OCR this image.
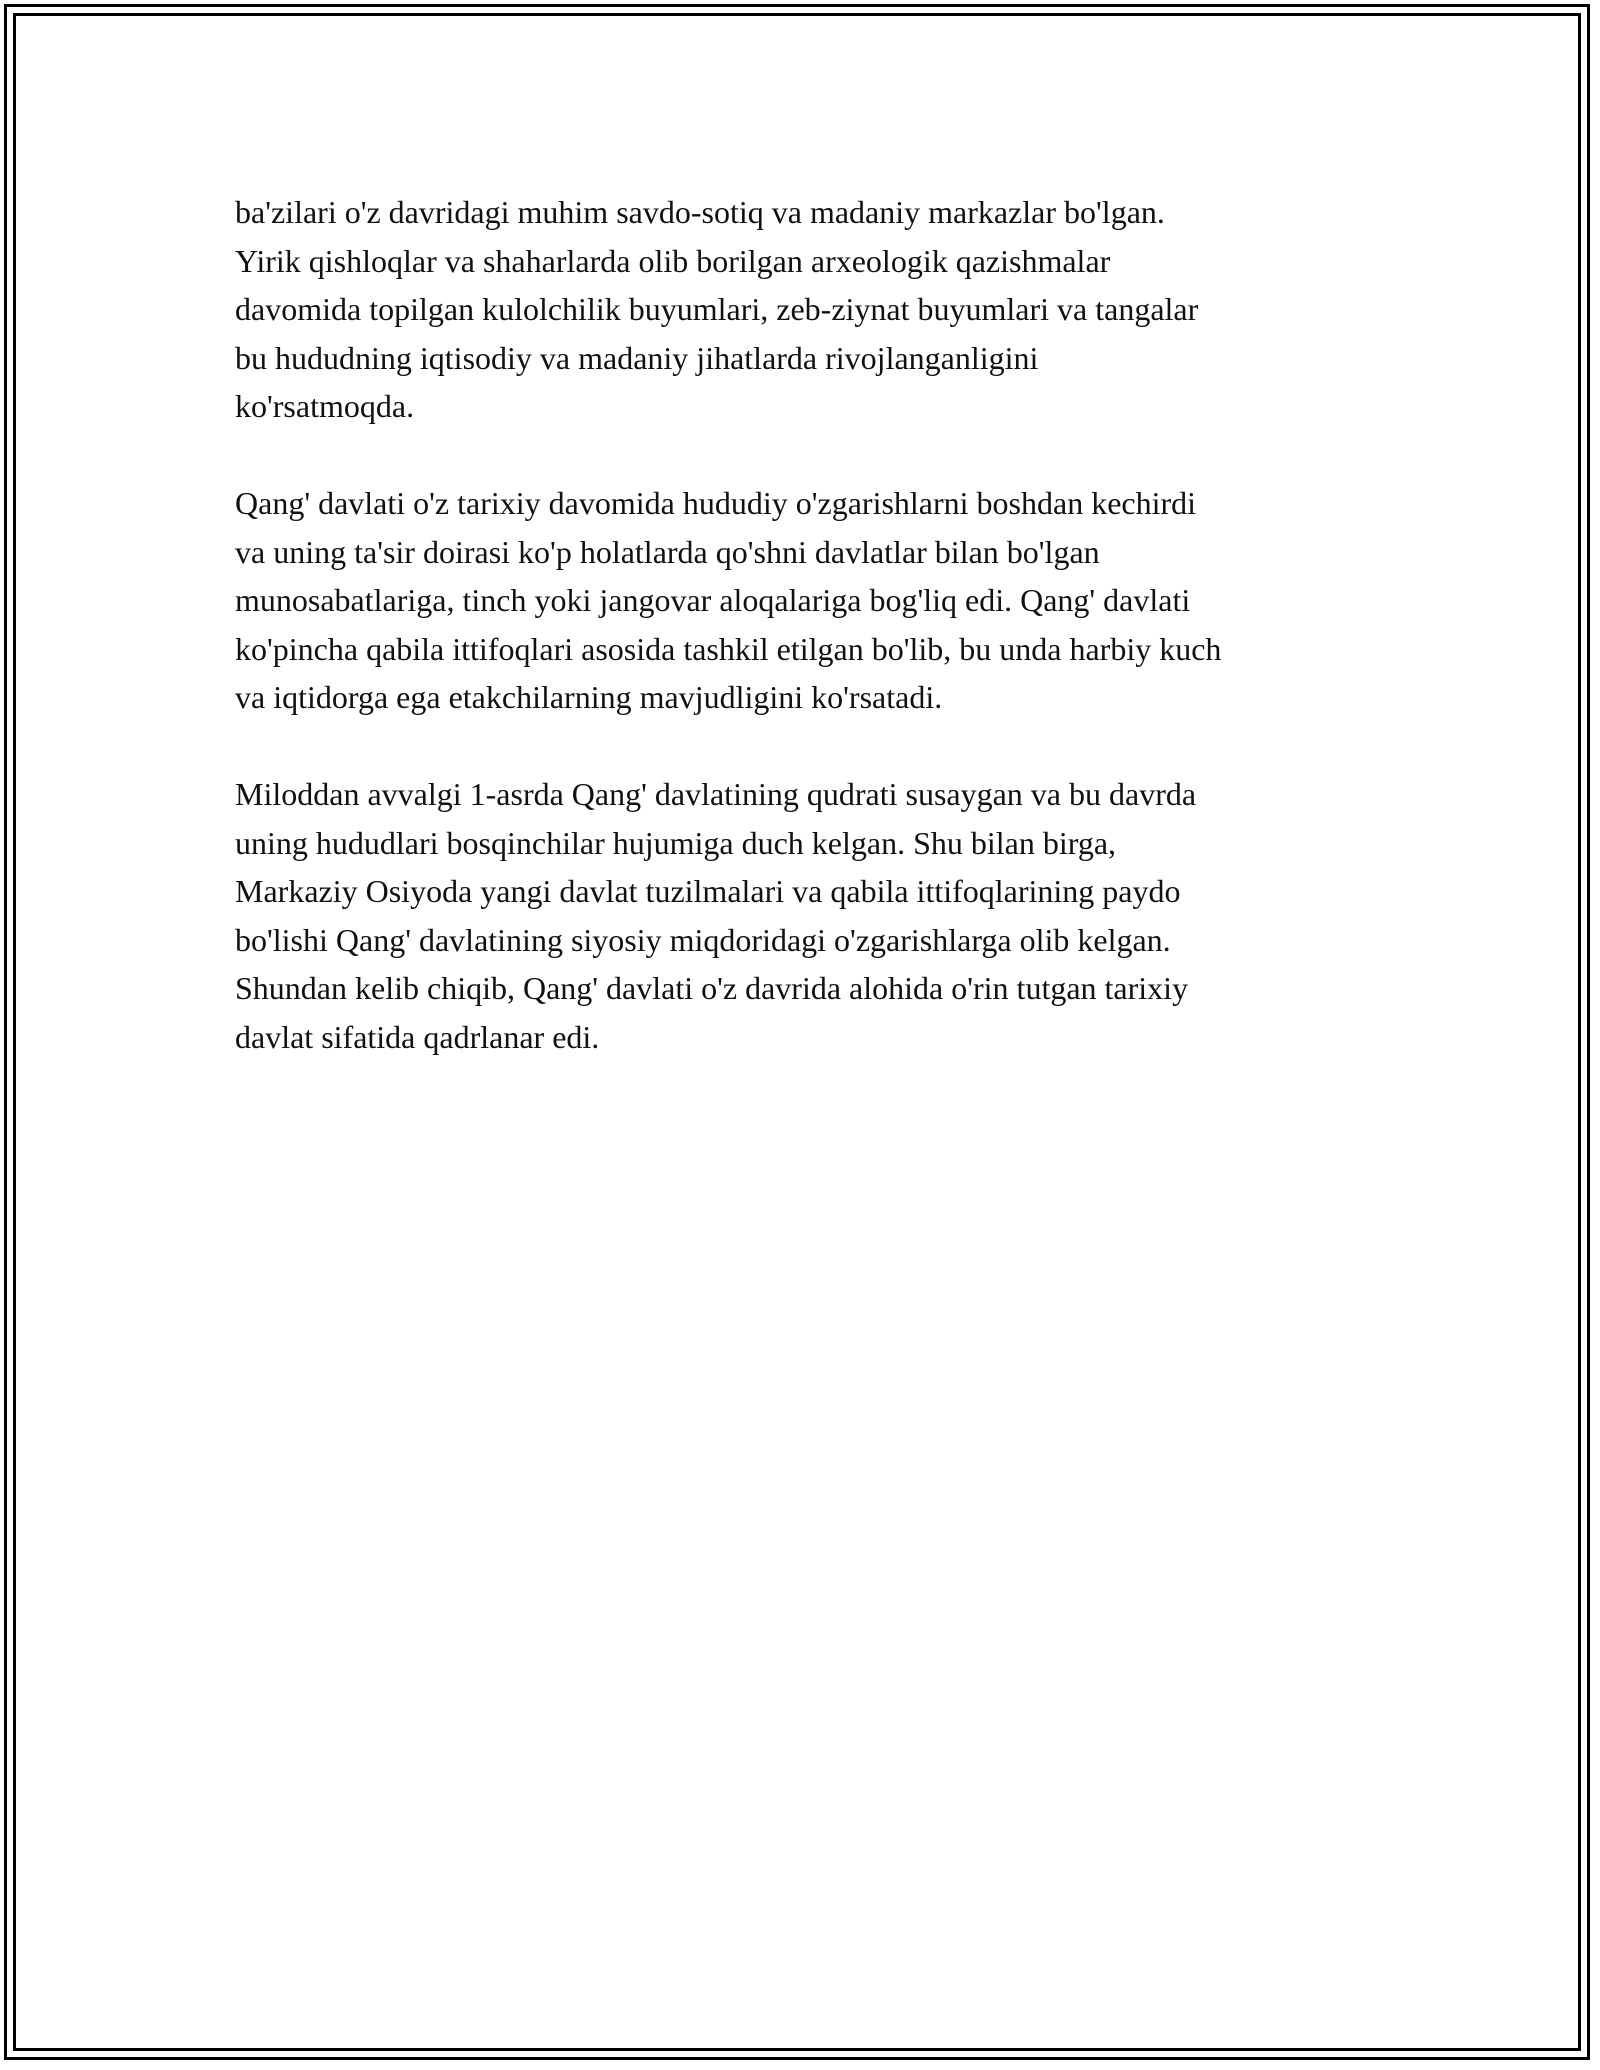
ba'zilari o'z davridagi muhim savdo-sotiq va madaniy markazlar bo'lgan.
Yirik qishloqlar va shaharlarda olib borilgan arxeologik qazishmalar
davomida topilgan kulolchilik buyumlari, zeb-ziynat buyumlari va tangalar
bu hududning iqtisodiy va madaniy jihatlarda rivojlanganligini
ko'rsatmoqda.

Qang' davlati o'z tarixiy davomida hududiy o'zgarishlarni boshdan kechirdi
va uning ta'sir doirasi ko'p holatlarda qo'shni davlatlar bilan bo'lgan
munosabatlariga, tinch yoki jangovar aloqalariga bog'liq edi. Qang' davlati
ko'pincha qabila ittifoqlari asosida tashkil etilgan bo'lib, bu unda harbiy kuch
va iqtidorga ega etakchilarning mavjudligini ko'rsatadi.

Miloddan avvalgi 1-asrda Qang' davlatining qudrati susaygan va bu davrda
uning hududlari bosqinchilar hujumiga duch kelgan. Shu bilan birga,
Markaziy Osiyoda yangi davlat tuzilmalari va qabila ittifoqlarining paydo
bo'lishi Qang' davlatining siyosiy miqdoridagi o'zgarishlarga olib kelgan.
Shundan kelib chiqib, Qang' davlati o'z davrida alohida o'rin tutgan tarixiy
davlat sifatida qadrlanar edi.
